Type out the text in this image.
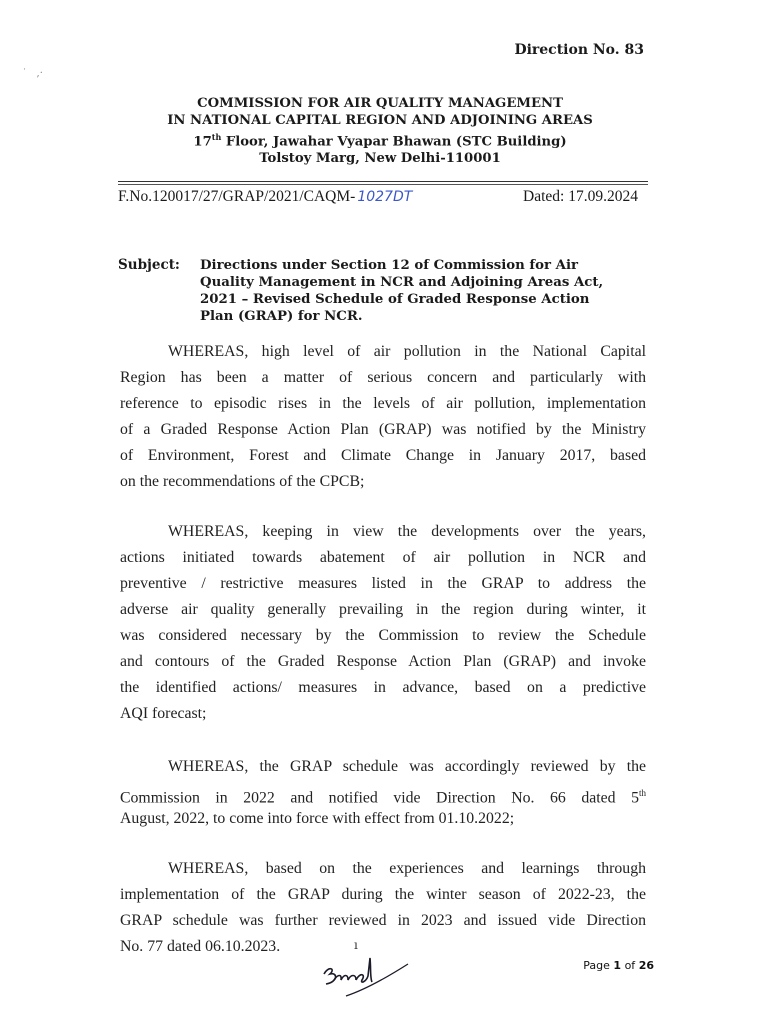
Direction No. 83
˙   ,·
COMMISSION FOR AIR QUALITY MANAGEMENT
IN NATIONAL CAPITAL REGION AND ADJOINING AREAS
17th Floor, Jawahar Vyapar Bhawan (STC Building)
Tolstoy Marg, New Delhi-110001
F.No.120017/27/GRAP/2021/CAQM- 1027DT	Dated: 17.09.2024
Subject: Directions under Section 12 of Commission for Air
Quality Management in NCR and Adjoining Areas Act,
2021 – Revised Schedule of Graded Response Action
Plan (GRAP) for NCR.
WHEREAS, high level of air pollution in the National Capital
Region has been a matter of serious concern and particularly with
reference to episodic rises in the levels of air pollution, implementation
of a Graded Response Action Plan (GRAP) was notified by the Ministry
of Environment, Forest and Climate Change in January 2017, based
on the recommendations of the CPCB;
WHEREAS, keeping in view the developments over the years,
actions initiated towards abatement of air pollution in NCR and
preventive / restrictive measures listed in the GRAP to address the
adverse air quality generally prevailing in the region during winter, it
was considered necessary by the Commission to review the Schedule
and contours of the Graded Response Action Plan (GRAP) and invoke
the identified actions/ measures in advance, based on a predictive
AQI forecast;
WHEREAS, the GRAP schedule was accordingly reviewed by the
Commission in 2022 and notified vide Direction No. 66 dated 5th
August, 2022, to come into force with effect from 01.10.2022;
WHEREAS, based on the experiences and learnings through
implementation of the GRAP during the winter season of 2022-23, the
GRAP schedule was further reviewed in 2023 and issued vide Direction
No. 77 dated 06.10.2023.	ı
Page 1 of 26
